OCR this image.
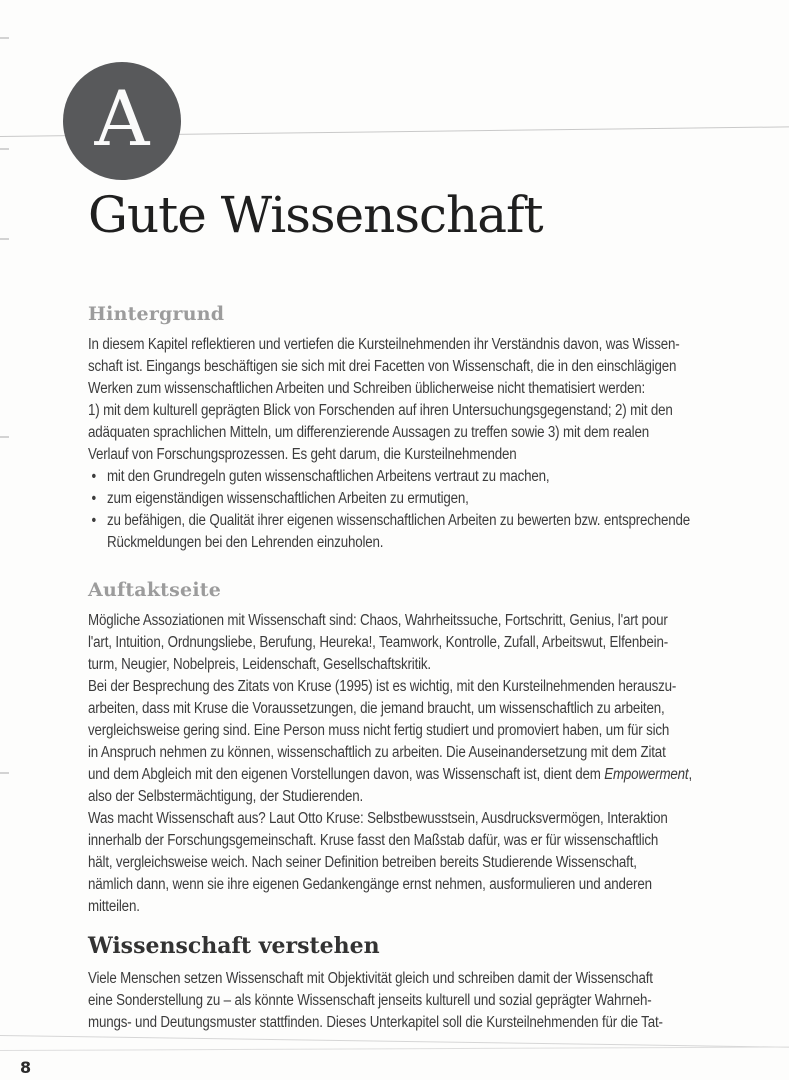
A
Gute Wissenschaft
Hintergrund
In diesem Kapitel reflektieren und vertiefen die Kursteilnehmenden ihr Verständnis davon, was Wissen-
schaft ist. Eingangs beschäftigen sie sich mit drei Facetten von Wissenschaft, die in den einschlägigen
Werken zum wissenschaftlichen Arbeiten und Schreiben üblicherweise nicht thematisiert werden:
1) mit dem kulturell geprägten Blick von Forschenden auf ihren Untersuchungsgegenstand; 2) mit den
adäquaten sprachlichen Mitteln, um differenzierende Aussagen zu treffen sowie 3) mit dem realen
Verlauf von Forschungsprozessen. Es geht darum, die Kursteilnehmenden
• mit den Grundregeln guten wissenschaftlichen Arbeitens vertraut zu machen,
• zum eigenständigen wissenschaftlichen Arbeiten zu ermutigen,
• zu befähigen, die Qualität ihrer eigenen wissenschaftlichen Arbeiten zu bewerten bzw. entsprechende
Rückmeldungen bei den Lehrenden einzuholen.
Auftaktseite
Mögliche Assoziationen mit Wissenschaft sind: Chaos, Wahrheitssuche, Fortschritt, Genius, l'art pour
l'art, Intuition, Ordnungsliebe, Berufung, Heureka!, Teamwork, Kontrolle, Zufall, Arbeitswut, Elfenbein-
turm, Neugier, Nobelpreis, Leidenschaft, Gesellschaftskritik.
Bei der Besprechung des Zitats von Kruse (1995) ist es wichtig, mit den Kursteilnehmenden herauszu-
arbeiten, dass mit Kruse die Voraussetzungen, die jemand braucht, um wissenschaftlich zu arbeiten,
vergleichsweise gering sind. Eine Person muss nicht fertig studiert und promoviert haben, um für sich
in Anspruch nehmen zu können, wissenschaftlich zu arbeiten. Die Auseinandersetzung mit dem Zitat
und dem Abgleich mit den eigenen Vorstellungen davon, was Wissenschaft ist, dient dem Empowerment,
also der Selbstermächtigung, der Studierenden.
Was macht Wissenschaft aus? Laut Otto Kruse: Selbstbewusstsein, Ausdrucksvermögen, Interaktion
innerhalb der Forschungsgemeinschaft. Kruse fasst den Maßstab dafür, was er für wissenschaftlich
hält, vergleichsweise weich. Nach seiner Definition betreiben bereits Studierende Wissenschaft,
nämlich dann, wenn sie ihre eigenen Gedankengänge ernst nehmen, ausformulieren und anderen
mitteilen.
Wissenschaft verstehen
Viele Menschen setzen Wissenschaft mit Objektivität gleich und schreiben damit der Wissenschaft
eine Sonderstellung zu – als könnte Wissenschaft jenseits kulturell und sozial geprägter Wahrneh-
mungs- und Deutungsmuster stattfinden. Dieses Unterkapitel soll die Kursteilnehmenden für die Tat-
8
